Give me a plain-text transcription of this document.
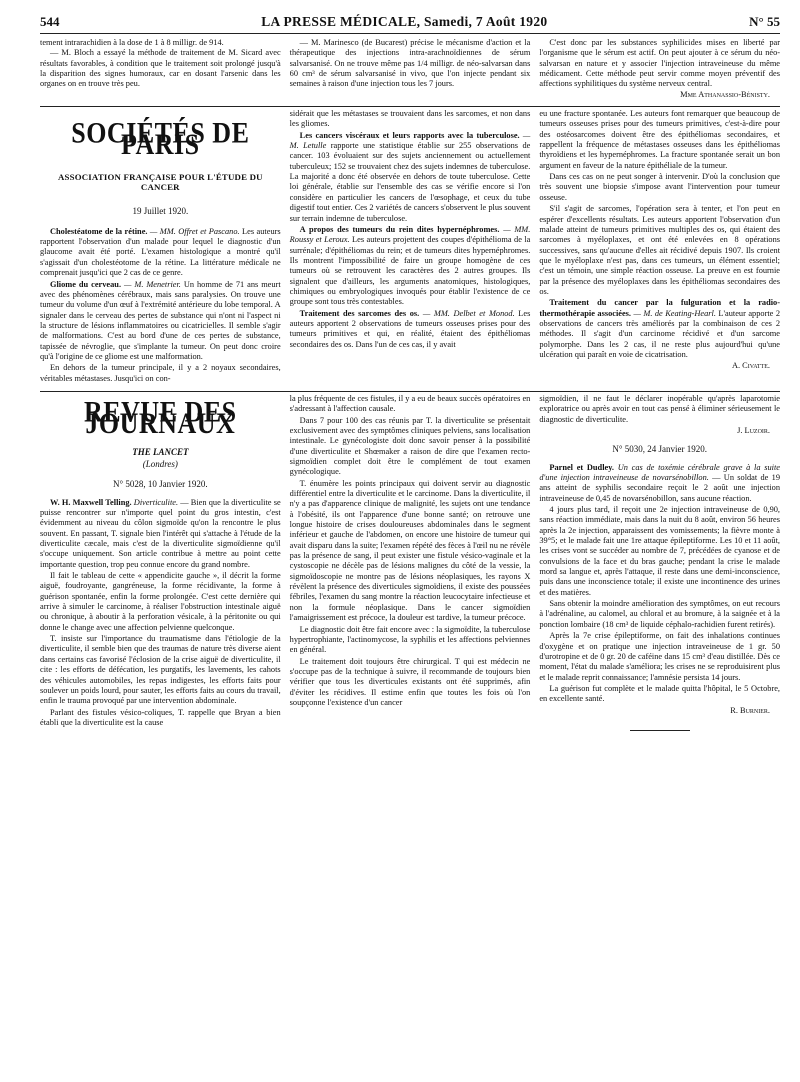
544	LA PRESSE MÉDICALE, Samedi, 7 Août 1920	N° 55

tement intrarachidien à la dose de 1 à 8 milligr. de 914.

— M. Bloch a essayé la méthode de traitement de M. Sicard avec résultats favorables, à condition que le traitement soit prolongé jusqu'à la disparition des signes humoraux, car en dosant l'arsenic dans les organes on en trouve très peu.

— M. Marinesco (de Bucarest) précise le mécanisme d'action et la thérapeutique des injections intra-arachnoïdiennes de sérum salvarsanisé. On ne trouve même pas 1/4 milligr. de néo-salvarsan dans 60 cm³ de sérum salvarsanisé in vivo, que l'on injecte pendant six semaines à raison d'une injection tous les 7 jours.

C'est donc par les substances syphilicides mises en liberté par l'organisme que le sérum est actif. On peut ajouter à ce sérum du néo-salvarsan en nature et y associer l'injection intraveineuse du même médicament. Cette méthode peut servir comme moyen préventif des affections syphilitiques du système nerveux central.

Mme Athanassio-Bénisty.
SOCIÉTÉS DE PARIS
ASSOCIATION FRANÇAISE POUR L'ÉTUDE DU CANCER
19 Juillet 1920.

Cholestéatome de la rétine. — MM. Offret et Pascano. Les auteurs rapportent l'observation d'un malade pour lequel le diagnostic d'un glaucome avait été porté. L'examen histologique a montré qu'il s'agissait d'un cholestéotome de la rétine. La littérature médicale ne comprenait jusqu'ici que 2 cas de ce genre.

Gliome du cerveau. — M. Menetrier. Un homme de 71 ans meurt avec des phénomènes cérébraux, mais sans paralysies. On trouve une tumeur du volume d'un œuf à l'extrémité antérieure du lobe temporal. A signaler dans le cerveau des pertes de substance qui n'ont ni l'aspect ni la structure de lésions inflammatoires ou cicatricielles. Il semble s'agir de malformations. C'est au bord d'une de ces pertes de substance, tapissée de névroglie, que s'implante la tumeur. On peut donc croire qu'à l'origine de ce gliome est une malformation.

En dehors de la tumeur principale, il y a 2 noyaux secondaires, véritables métastases. Jusqu'ici on con-

sidérait que les métastases se trouvaient dans les sarcomes, et non dans les gliomes.

Les cancers viscéraux et leurs rapports avec la tuberculose. — M. Letulle rapporte une statistique établie sur 255 observations de cancer. 103 évoluaient sur des sujets anciennement ou actuellement tuberculeux; 152 se trouvaient chez des sujets indemnes de tuberculose. La majorité a donc été observée en dehors de toute tuberculose. Cette loi générale, établie sur l'ensemble des cas se vérifie encore si l'on considère en particulier les cancers de l'œsophage, et ceux du tube digestif tout entier. Ces 2 variétés de cancers s'observent le plus souvent sur terrain indemne de tuberculose.

A propos des tumeurs du rein dites hypernéphromes. — MM. Roussy et Leroux. Les auteurs projettent des coupes d'épithélioma de la surrénale; d'épithéliomas du rein; et de tumeurs dites hypernéphromes. Ils montrent l'impossibilité de faire un groupe homogène de ces tumeurs où se retrouvent les caractères des 2 autres groupes. Ils signalent que d'ailleurs, les arguments anatomiques, histologiques, chimiques ou embryologiques invoqués pour établir l'existence de ce groupe sont tous très contestables.

Traitement des sarcomes des os. — MM. Delbet et Monod. Les auteurs apportent 2 observations de tumeurs osseuses prises pour des tumeurs primitives et qui, en réalité, étaient des épithéliomas secondaires des os. Dans l'un de ces cas, il y avait

eu une fracture spontanée. Les auteurs font remarquer que beaucoup de tumeurs osseuses prises pour des tumeurs primitives, c'est-à-dire pour des ostéosarcomes doivent être des épithéliomas secondaires, et rappellent la fréquence de métastases osseuses dans les épithéliomas thyroïdiens et les hypernéphromes. La fracture spontanée serait un bon argument en faveur de la nature épithéliale de la tumeur.

Dans ces cas on ne peut songer à intervenir. D'où la conclusion que très souvent une biopsie s'impose avant l'intervention pour tumeur osseuse.

S'il s'agit de sarcomes, l'opération sera à tenter, et l'on peut en espérer d'excellents résultats. Les auteurs apportent l'observation d'un malade atteint de tumeurs primitives multiples des os, qui étaient des sarcomes à myéloplaxes, et ont été enlevées en 8 opérations successives, sans qu'aucune d'elles ait récidivé depuis 1907. Ils croient que le myéloplaxe n'est pas, dans ces tumeurs, un élément essentiel; c'est un témoin, une simple réaction osseuse. La preuve en est fournie par la présence des myéloplaxes dans les épithéliomas secondaires des os.

Traitement du cancer par la fulguration et la radio-thermothérapie associées. — M. de Keating-Hearl. L'auteur apporte 2 observations de cancers très améliorés par la combinaison de ces 2 méthodes. Il s'agit d'un carcinome récidivé et d'un sarcome polymorphe. Dans les 2 cas, il ne reste plus aujourd'hui qu'une ulcération qui paraît en voie de cicatrisation.

A. Civatte.
REVUE DES JOURNAUX
THE LANCET
(Londres)
N° 5028, 10 Janvier 1920.

W. H. Maxwell Telling. Diverticulite. — Bien que la diverticulite se puisse rencontrer sur n'importe quel point du gros intestin, c'est évidemment au niveau du côlon sigmoïde qu'on la rencontre le plus souvent. En passant, T. signale bien l'intérêt qui s'attache à l'étude de la diverticulite cæcale, mais c'est de la diverticulite sigmoïdienne qu'il s'occupe uniquement. Son article contribue à mettre au point cette importante question, trop peu connue encore du grand nombre.

Il fait le tableau de cette « appendicite gauche », il décrit la forme aiguë, foudroyante, gangréneuse, la forme récidivante, la forme à guérison spontanée, enfin la forme prolongée. C'est cette dernière qui arrive à simuler le carcinome, à réaliser l'obstruction intestinale aiguë ou chronique, à aboutir à la perforation vésicale, à la péritonite ou qui donne le change avec une affection pelvienne quelconque.

T. insiste sur l'importance du traumatisme dans l'étiologie de la diverticulite, il semble bien que des traumas de nature très diverse aient dans certains cas favorisé l'éclosion de la crise aiguë de diverticulite, il cite : les efforts de défécation, les purgatifs, les lavements, les cahots des véhicules automobiles, les repas indigestes, les efforts faits pour soulever un poids lourd, pour sauter, les efforts faits au cours du travail, enfin le trauma provoqué par une intervention abdominale.

Parlant des fistules vésico-coliques, T. rappelle que Bryan a bien établi que la diverticulite est la cause

la plus fréquente de ces fistules, il y a eu de beaux succès opératoires en s'adressant à l'affection causale.

Dans 7 pour 100 des cas réunis par T. la diverticulite se présentait exclusivement avec des symptômes cliniques pelviens, sans localisation intestinale. Le gynécologiste doit donc savoir penser à la possibilité d'une diverticulite et Shœmaker a raison de dire que l'examen recto-sigmoïdien complet doit être le complément de tout examen gynécologique.

T. énumère les points principaux qui doivent servir au diagnostic différentiel entre la diverticulite et le carcinome. Dans la diverticulite, il n'y a pas d'apparence clinique de malignité, les sujets ont une tendance à l'obésité, ils ont l'apparence d'une bonne santé; on retrouve une longue histoire de crises douloureuses abdominales dans le segment inférieur et gauche de l'abdomen, on encore une histoire de tumeur qui avait disparu dans la suite; l'examen répété des fèces à l'œil nu ne révèle pas la présence de sang, il peut exister une fistule vésico-vaginale et la cystoscopie ne décèle pas de lésions malignes du côté de la vessie, la sigmoïdoscopie ne montre pas de lésions néoplasiques, les rayons X révèlent la présence des diverticules sigmoïdiens, il existe des poussées fébriles, l'examen du sang montre la réaction leucocytaire infectieuse et non la formule néoplasique. Dans le cancer sigmoïdien l'amaigrissement est précoce, la douleur est tardive, la tumeur précoce.

Le diagnostic doit être fait encore avec : la sigmoïdite, la tuberculose hypertrophiante, l'actinomycose, la syphilis et les affections pelviennes en général.

Le traitement doit toujours être chirurgical. T qui est médecin ne s'occupe pas de la technique à suivre, il recommande de toujours bien vérifier que tous les diverticules existants ont été supprimés, afin d'éviter les récidives. Il estime enfin que toutes les fois où l'on soupçonne l'existence d'un cancer

sigmoïdien, il ne faut le déclarer inopérable qu'après laparotomie exploratrice ou après avoir en tout cas pensé à éliminer sérieusement le diagnostic de diverticulite.

J. Luzoir.
N° 5030, 24 Janvier 1920.

Parnel et Dudley. Un cas de toxémie cérébrale grave à la suite d'une injection intraveineuse de novarsénobillon. — Un soldat de 19 ans atteint de syphilis secondaire reçoit le 2 août une injection intraveineuse de 0,45 de novarsénobillon, sans aucune réaction.

4 jours plus tard, il reçoit une 2e injection intraveineuse de 0,90, sans réaction immédiate, mais dans la nuit du 8 août, environ 56 heures après la 2e injection, apparaissent des vomissements; la fièvre monte à 39°5; et le malade fait une 1re attaque épileptiforme. Les 10 et 11 août, les crises vont se succéder au nombre de 7, précédées de cyanose et de convulsions de la face et du bras gauche; pendant la crise le malade mord sa langue et, après l'attaque, il reste dans une demi-inconscience, puis dans une inconscience totale; il existe une incontinence des urines et des matières.

Sans obtenir la moindre amélioration des symptômes, on eut recours à l'adrénaline, au calomel, au chloral et au bromure, à la saignée et à la ponction lombaire (18 cm³ de liquide céphalo-rachidien furent retirés).

Après la 7e crise épileptiforme, on fait des inhalations continues d'oxygène et on pratique une injection intraveineuse de 1 gr. 50 d'urotropine et de 0 gr. 20 de caféine dans 15 cm³ d'eau distillée. Dès ce moment, l'état du malade s'améliora; les crises ne se reproduisirent plus et le malade reprit connaissance; l'amnésie persista 14 jours.

La guérison fut complète et le malade quitta l'hôpital, le 5 Octobre, en excellente santé.

R. Burnier.
